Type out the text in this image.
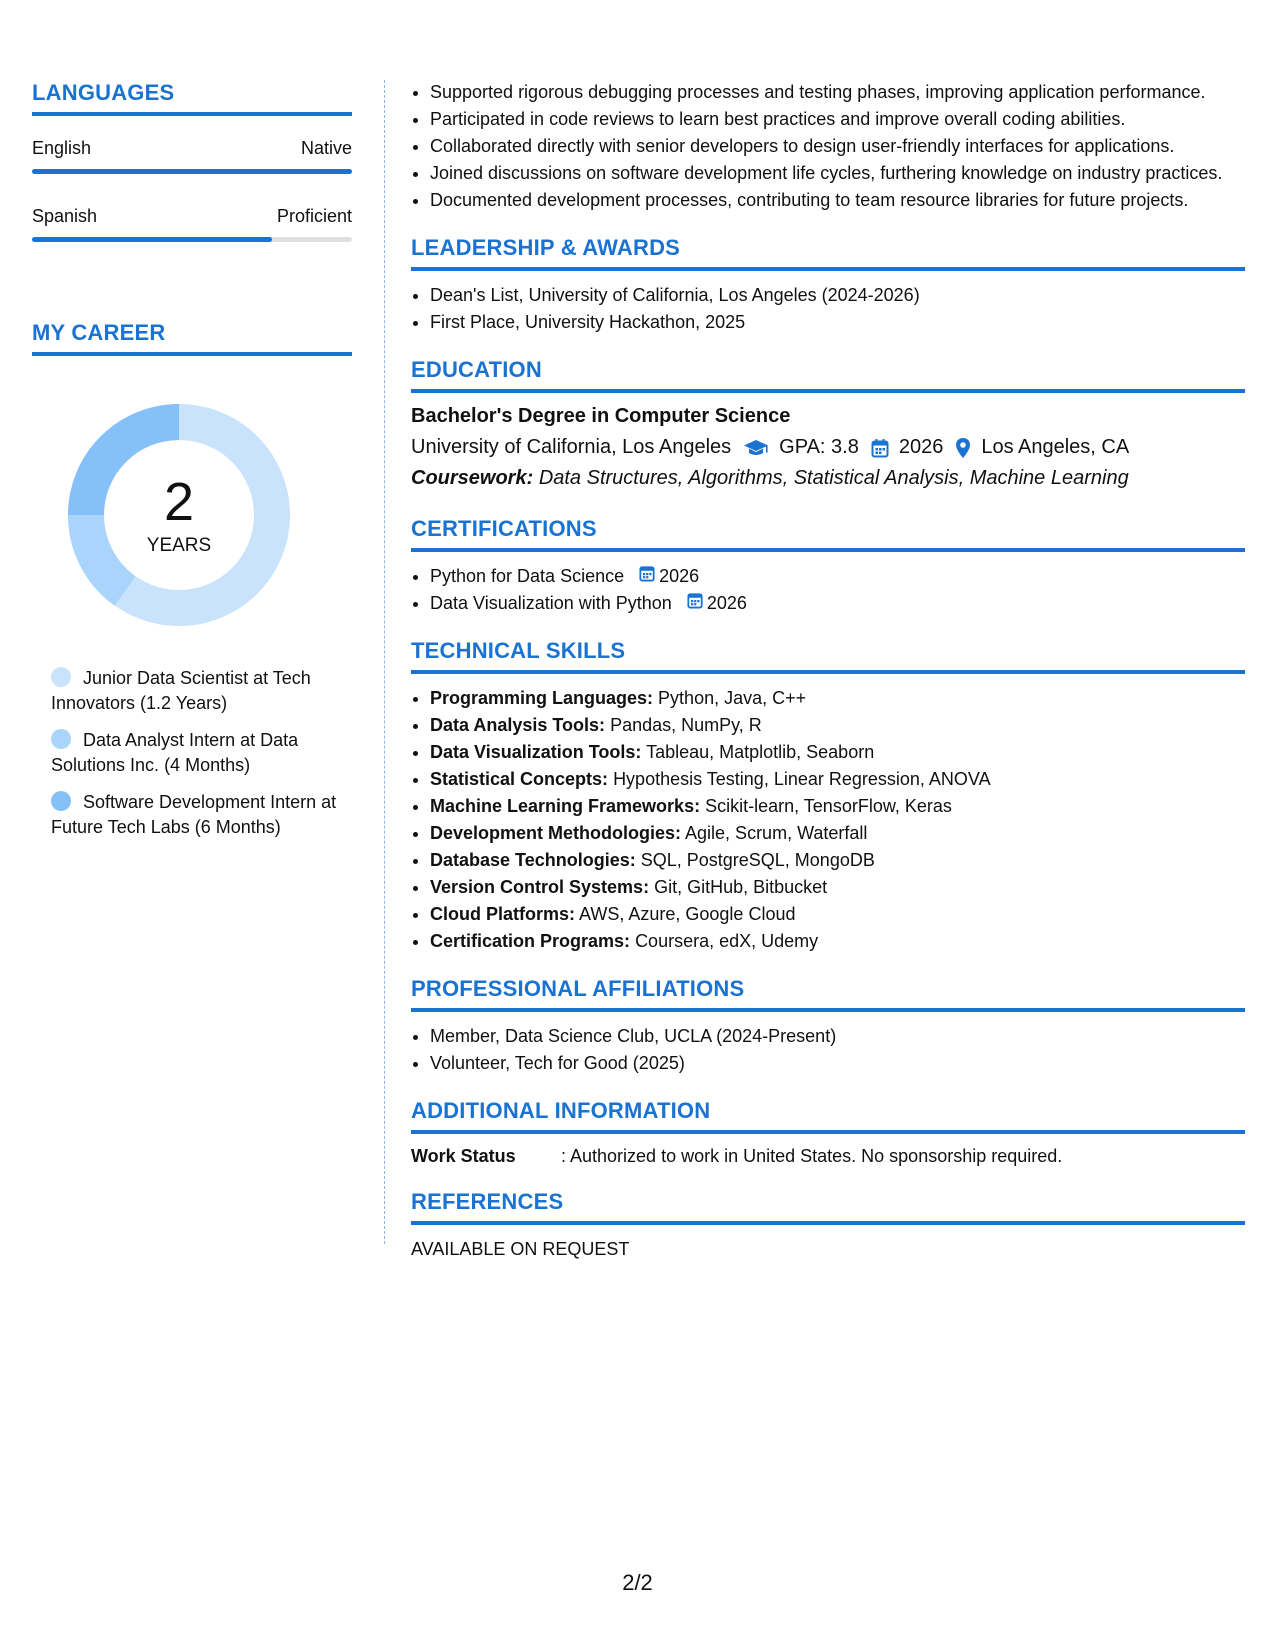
LANGUAGES
English	Native
Spanish	Proficient
MY CAREER
2
YEARS
Junior Data Scientist at Tech Innovators (1.2 Years)
Data Analyst Intern at Data Solutions Inc. (4 Months)
Software Development Intern at Future Tech Labs (6 Months)
• Supported rigorous debugging processes and testing phases, improving application performance.
• Participated in code reviews to learn best practices and improve overall coding abilities.
• Collaborated directly with senior developers to design user-friendly interfaces for applications.
• Joined discussions on software development life cycles, furthering knowledge on industry practices.
• Documented development processes, contributing to team resource libraries for future projects.
LEADERSHIP & AWARDS
• Dean's List, University of California, Los Angeles (2024-2026)
• First Place, University Hackathon, 2025
EDUCATION
Bachelor's Degree in Computer Science
University of California, Los Angeles GPA: 3.8 2026 Los Angeles, CA
Coursework: Data Structures, Algorithms, Statistical Analysis, Machine Learning
CERTIFICATIONS
• Python for Data Science 2026
• Data Visualization with Python 2026
TECHNICAL SKILLS
• Programming Languages: Python, Java, C++
• Data Analysis Tools: Pandas, NumPy, R
• Data Visualization Tools: Tableau, Matplotlib, Seaborn
• Statistical Concepts: Hypothesis Testing, Linear Regression, ANOVA
• Machine Learning Frameworks: Scikit-learn, TensorFlow, Keras
• Development Methodologies: Agile, Scrum, Waterfall
• Database Technologies: SQL, PostgreSQL, MongoDB
• Version Control Systems: Git, GitHub, Bitbucket
• Cloud Platforms: AWS, Azure, Google Cloud
• Certification Programs: Coursera, edX, Udemy
PROFESSIONAL AFFILIATIONS
• Member, Data Science Club, UCLA (2024-Present)
• Volunteer, Tech for Good (2025)
ADDITIONAL INFORMATION
Work Status	: Authorized to work in United States. No sponsorship required.
REFERENCES
AVAILABLE ON REQUEST
2/2
